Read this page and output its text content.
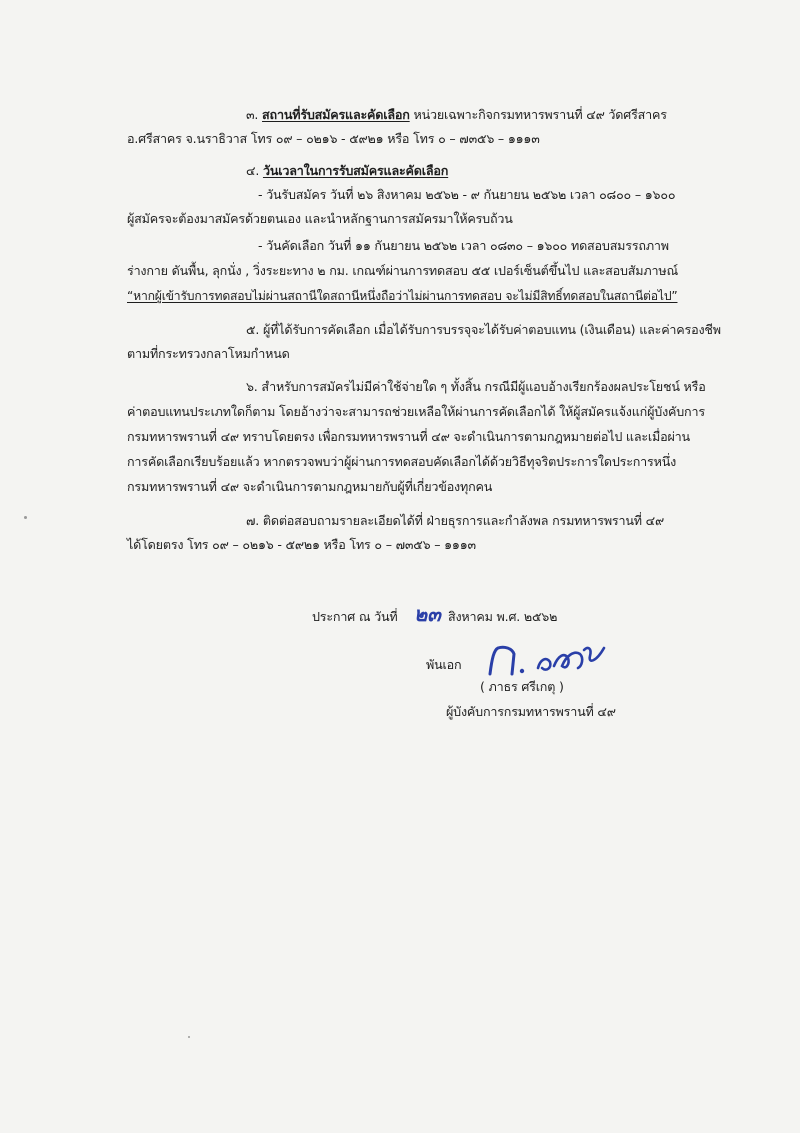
๓. สถานที่รับสมัครและคัดเลือก หน่วยเฉพาะกิจกรมทหารพรานที่ ๔๙ วัดศรีสาคร
อ.ศรีสาคร จ.นราธิวาส โทร ๐๙ – ๐๒๑๖ - ๕๙๒๑ หรือ โทร ๐ – ๗๓๕๖ – ๑๑๑๓
๔. วันเวลาในการรับสมัครและคัดเลือก
- วันรับสมัคร วันที่ ๒๖ สิงหาคม ๒๕๖๒ - ๙ กันยายน ๒๕๖๒ เวลา ๐๘๐๐ – ๑๖๐๐
ผู้สมัครจะต้องมาสมัครด้วยตนเอง และนำหลักฐานการสมัครมาให้ครบถ้วน
- วันคัดเลือก วันที่ ๑๑ กันยายน ๒๕๖๒ เวลา ๐๘๓๐ – ๑๖๐๐ ทดสอบสมรรถภาพ
ร่างกาย ดันพื้น, ลุกนั่ง , วิ่งระยะทาง ๒ กม. เกณฑ์ผ่านการทดสอบ ๕๕ เปอร์เซ็นต์ขึ้นไป และสอบสัมภาษณ์
“หากผู้เข้ารับการทดสอบไม่ผ่านสถานีใดสถานีหนึ่งถือว่าไม่ผ่านการทดสอบ จะไม่มีสิทธิ์ทดสอบในสถานีต่อไป”
๕. ผู้ที่ได้รับการคัดเลือก เมื่อได้รับการบรรจุจะได้รับค่าตอบแทน (เงินเดือน) และค่าครองชีพ
ตามที่กระทรวงกลาโหมกำหนด
๖. สำหรับการสมัครไม่มีค่าใช้จ่ายใด ๆ ทั้งสิ้น กรณีมีผู้แอบอ้างเรียกร้องผลประโยชน์ หรือ
ค่าตอบแทนประเภทใดก็ตาม โดยอ้างว่าจะสามารถช่วยเหลือให้ผ่านการคัดเลือกได้ ให้ผู้สมัครแจ้งแก่ผู้บังคับการ
กรมทหารพรานที่ ๔๙ ทราบโดยตรง เพื่อกรมทหารพรานที่ ๔๙ จะดำเนินการตามกฎหมายต่อไป และเมื่อผ่าน
การคัดเลือกเรียบร้อยแล้ว หากตรวจพบว่าผู้ผ่านการทดสอบคัดเลือกได้ด้วยวิธีทุจริตประการใดประการหนึ่ง
กรมทหารพรานที่ ๔๙ จะดำเนินการตามกฎหมายกับผู้ที่เกี่ยวข้องทุกคน
๗. ติดต่อสอบถามรายละเอียดได้ที่ ฝ่ายธุรการและกำลังพล กรมทหารพรานที่ ๔๙
ได้โดยตรง โทร ๐๙ – ๐๒๑๖ - ๕๙๒๑ หรือ โทร ๐ – ๗๓๕๖ – ๑๑๑๓
ประกาศ ณ วันที่ ๒๓ สิงหาคม พ.ศ. ๒๕๖๒
พันเอก
( ภาธร ศรีเกตุ )
ผู้บังคับการกรมทหารพรานที่ ๔๙
